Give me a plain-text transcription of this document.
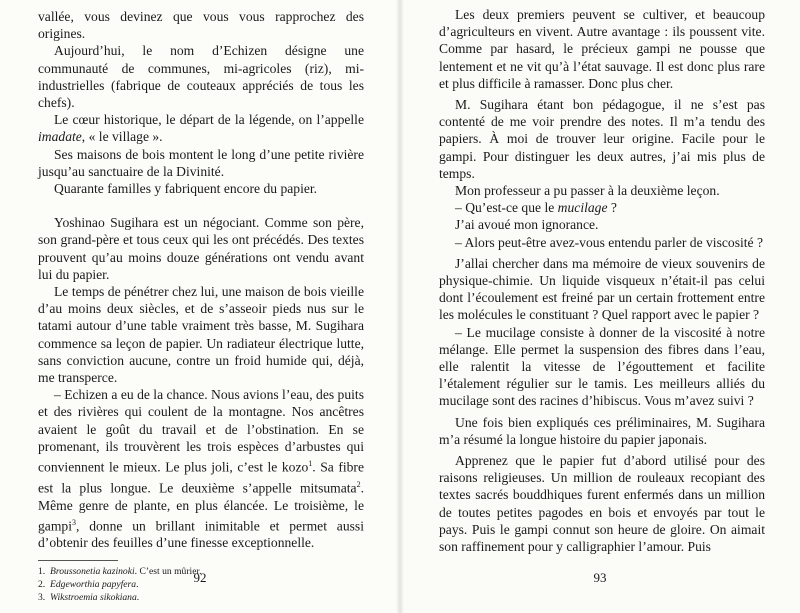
vallée, vous devinez que vous vous rapprochez des origines.

Aujourd’hui, le nom d’Echizen désigne une communauté de communes, mi-agricoles (riz), mi-industrielles (fabrique de couteaux appréciés de tous les chefs).

Le cœur historique, le départ de la légende, on l’appelle imadate, « le village ».

Ses maisons de bois montent le long d’une petite rivière jusqu’au sanctuaire de la Divinité.

Quarante familles y fabriquent encore du papier.

Yoshinao Sugihara est un négociant. Comme son père, son grand-père et tous ceux qui les ont précédés. Des textes prouvent qu’au moins douze générations ont vendu avant lui du papier.

Le temps de pénétrer chez lui, une maison de bois vieille d’au moins deux siècles, et de s’asseoir pieds nus sur le tatami autour d’une table vraiment très basse, M. Sugihara commence sa leçon de papier. Un radiateur électrique lutte, sans conviction aucune, contre un froid humide qui, déjà, me transperce.

– Echizen a eu de la chance. Nous avions l’eau, des puits et des rivières qui coulent de la montagne. Nos ancêtres avaient le goût du travail et de l’obstination. En se promenant, ils trouvèrent les trois espèces d’arbustes qui conviennent le mieux. Le plus joli, c’est le kozo$^1$. Sa fibre est la plus longue. Le deuxième s’appelle mitsumata$^2$. Même genre de plante, en plus élancée. Le troisième, le gampi$^3$, donne un brillant inimitable et permet aussi d’obtenir des feuilles d’une finesse exceptionnelle.

1. Broussonetia kazinoki. C’est un mûrier.

2. Edgeworthia papyfera.

3. Wikstroemia sikokiana.

92

Les deux premiers peuvent se cultiver, et beaucoup d’agriculteurs en vivent. Autre avantage : ils poussent vite. Comme par hasard, le précieux gampi ne pousse que lentement et ne vit qu’à l’état sauvage. Il est donc plus rare et plus difficile à ramasser. Donc plus cher.

M. Sugihara étant bon pédagogue, il ne s’est pas contenté de me voir prendre des notes. Il m’a tendu des papiers. À moi de trouver leur origine. Facile pour le gampi. Pour distinguer les deux autres, j’ai mis plus de temps.

Mon professeur a pu passer à la deuxième leçon.

– Qu’est-ce que le mucilage ?

J’ai avoué mon ignorance.

– Alors peut-être avez-vous entendu parler de viscosité ?

J’allai chercher dans ma mémoire de vieux souvenirs de physique-chimie. Un liquide visqueux n’était-il pas celui dont l’écoulement est freiné par un certain frottement entre les molécules le constituant ? Quel rapport avec le papier ?

– Le mucilage consiste à donner de la viscosité à notre mélange. Elle permet la suspension des fibres dans l’eau, elle ralentit la vitesse de l’égouttement et facilite l’étalement régulier sur le tamis. Les meilleurs alliés du mucilage sont des racines d’hibiscus. Vous m’avez suivi ?

Une fois bien expliqués ces préliminaires, M. Sugihara m’a résumé la longue histoire du papier japonais.

Apprenez que le papier fut d’abord utilisé pour des raisons religieuses. Un million de rouleaux recopiant des textes sacrés bouddhiques furent enfermés dans un million de toutes petites pagodes en bois et envoyés par tout le pays. Puis le gampi connut son heure de gloire. On aimait son raffinement pour y calligraphier l’amour. Puis

93
